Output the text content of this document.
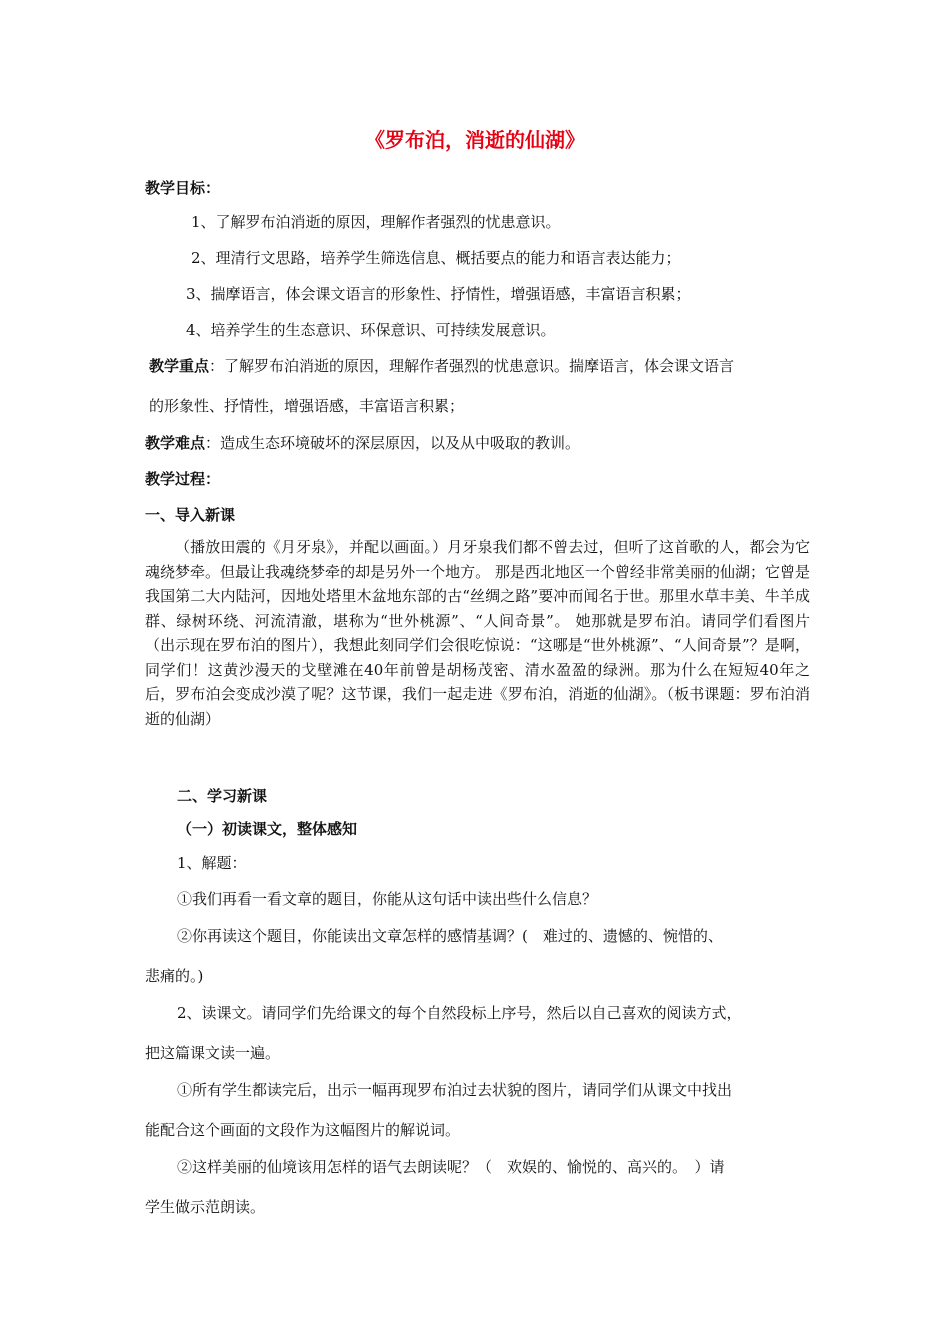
《罗布泊，消逝的仙湖》
教学目标：
1、了解罗布泊消逝的原因，理解作者强烈的忧患意识。
2、理清行文思路，培养学生筛选信息、概括要点的能力和语言表达能力；
3、揣摩语言，体会课文语言的形象性、抒情性，增强语感，丰富语言积累；
4、培养学生的生态意识、环保意识、可持续发展意识。
教学重点：了解罗布泊消逝的原因，理解作者强烈的忧患意识。揣摩语言，体会课文语言
的形象性、抒情性，增强语感，丰富语言积累；
教学难点：造成生态环境破坏的深层原因，以及从中吸取的教训。
教学过程：
一、导入新课
（播放田震的《月牙泉》，并配以画面。）月牙泉我们都不曾去过，但听了这首歌的人，都会为它魂绕梦牵。但最让我魂绕梦牵的却是另外一个地方。 那是西北地区一个曾经非常美丽的仙湖；它曾是我国第二大内陆河，因地处塔里木盆地东部的古“丝绸之路”要冲而闻名于世。那里水草丰美、牛羊成群、绿树环绕、河流清澈，堪称为“世外桃源”、“人间奇景”。 她那就是罗布泊。请同学们看图片（出示现在罗布泊的图片），我想此刻同学们会很吃惊说：“这哪是“世外桃源”、“人间奇景”？是啊，同学们！这黄沙漫天的戈壁滩在40年前曾是胡杨茂密、清水盈盈的绿洲。那为什么在短短40年之后，罗布泊会变成沙漠了呢？这节课，我们一起走进《罗布泊，消逝的仙湖》。（板书课题：罗布泊消逝的仙湖）
二、学习新课
（一）初读课文，整体感知
1、解题：
①我们再看一看文章的题目，你能从这句话中读出些什么信息？
②你再读这个题目，你能读出文章怎样的感情基调？(　难过的、遗憾的、惋惜的、
悲痛的。)
2、读课文。请同学们先给课文的每个自然段标上序号，然后以自己喜欢的阅读方式，
把这篇课文读一遍。
①所有学生都读完后，出示一幅再现罗布泊过去状貌的图片，请同学们从课文中找出
能配合这个画面的文段作为这幅图片的解说词。
②这样美丽的仙境该用怎样的语气去朗读呢？（　欢娱的、愉悦的、高兴的。　）请
学生做示范朗读。
